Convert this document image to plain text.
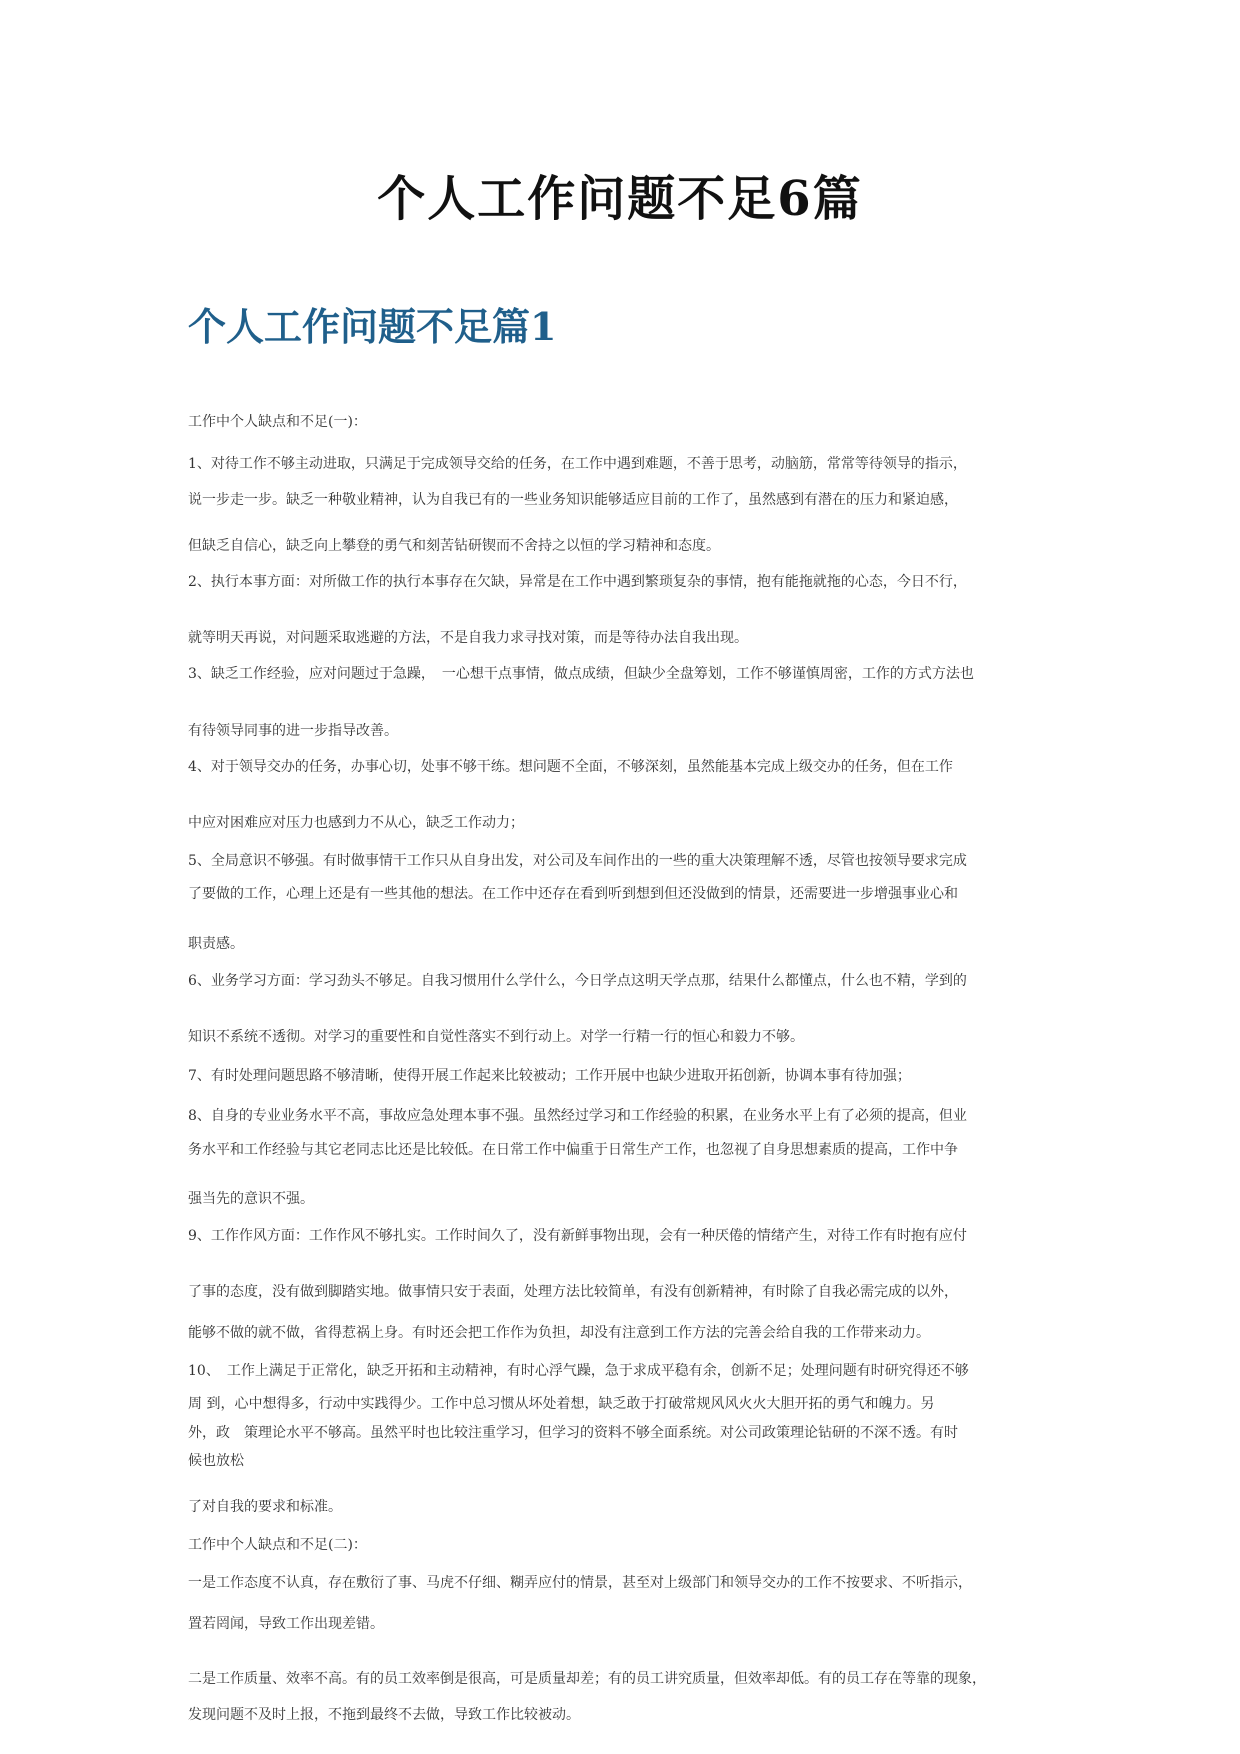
个人工作问题不足6篇
个人工作问题不足篇1

工作中个人缺点和不足(一)：

1、对待工作不够主动进取，只满足于完成领导交给的任务，在工作中遇到难题，不善于思考，动脑筋，常常等待领导的指示，

说一步走一步。缺乏一种敬业精神，认为自我已有的一些业务知识能够适应目前的工作了，虽然感到有潜在的压力和紧迫感，

但缺乏自信心，缺乏向上攀登的勇气和刻苦钻研锲而不舍持之以恒的学习精神和态度。

2、执行本事方面：对所做工作的执行本事存在欠缺，异常是在工作中遇到繁琐复杂的事情，抱有能拖就拖的心态，今日不行，

就等明天再说，对问题采取逃避的方法，不是自我力求寻找对策，而是等待办法自我出现。

3、缺乏工作经验，应对问题过于急躁，　一心想干点事情，做点成绩，但缺少全盘筹划，工作不够谨慎周密，工作的方式方法也

有待领导同事的进一步指导改善。

4、对于领导交办的任务，办事心切，处事不够干练。想问题不全面，不够深刻，虽然能基本完成上级交办的任务，但在工作

中应对困难应对压力也感到力不从心，缺乏工作动力；

5、全局意识不够强。有时做事情干工作只从自身出发，对公司及车间作出的一些的重大决策理解不透，尽管也按领导要求完成

了要做的工作，心理上还是有一些其他的想法。在工作中还存在看到听到想到但还没做到的情景，还需要进一步增强事业心和

职责感。

6、业务学习方面：学习劲头不够足。自我习惯用什么学什么，今日学点这明天学点那，结果什么都懂点，什么也不精，学到的

知识不系统不透彻。对学习的重要性和自觉性落实不到行动上。对学一行精一行的恒心和毅力不够。

7、有时处理问题思路不够清晰，使得开展工作起来比较被动；工作开展中也缺少进取开拓创新，协调本事有待加强；

8、自身的专业业务水平不高，事故应急处理本事不强。虽然经过学习和工作经验的积累，在业务水平上有了必须的提高，但业

务水平和工作经验与其它老同志比还是比较低。在日常工作中偏重于日常生产工作，也忽视了自身思想素质的提高，工作中争

强当先的意识不强。

9、工作作风方面：工作作风不够扎实。工作时间久了，没有新鲜事物出现，会有一种厌倦的情绪产生，对待工作有时抱有应付

了事的态度，没有做到脚踏实地。做事情只安于表面，处理方法比较简单，有没有创新精神，有时除了自我必需完成的以外，

能够不做的就不做，省得惹祸上身。有时还会把工作作为负担，却没有注意到工作方法的完善会给自我的工作带来动力。

10、　工作上满足于正常化，缺乏开拓和主动精神，有时心浮气躁，急于求成平稳有余，创新不足；处理问题有时研究得还不够

周 到，心中想得多，行动中实践得少。工作中总习惯从坏处着想，缺乏敢于打破常规风风火火大胆开拓的勇气和魄力。另

外，政　策理论水平不够高。虽然平时也比较注重学习，但学习的资料不够全面系统。对公司政策理论钻研的不深不透。有时

候也放松

了对自我的要求和标准。

工作中个人缺点和不足(二)：

一是工作态度不认真，存在敷衍了事、马虎不仔细、糊弄应付的情景，甚至对上级部门和领导交办的工作不按要求、不听指示，

置若罔闻，导致工作出现差错。

二是工作质量、效率不高。有的员工效率倒是很高，可是质量却差；有的员工讲究质量，但效率却低。有的员工存在等靠的现象，

发现问题不及时上报，不拖到最终不去做，导致工作比较被动。
